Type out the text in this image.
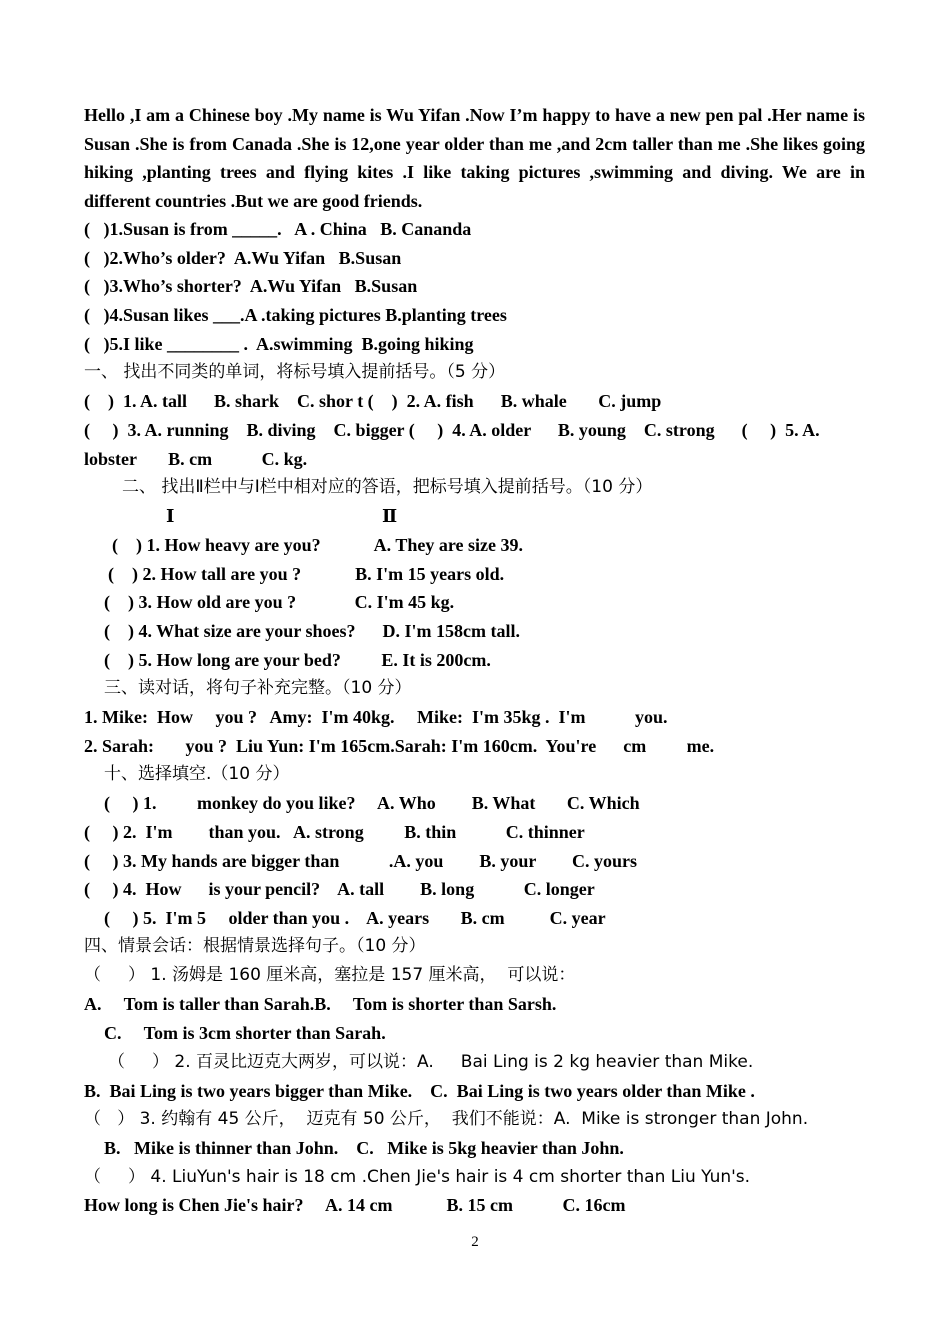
Hello ,I am a Chinese boy .My name is Wu Yifan .Now I’m happy to have a new pen pal .Her name is Susan .She is from Canada .She is 12,one year older than me ,and 2cm taller than me .She likes going hiking ,planting trees and flying kites .I like taking pictures ,swimming and diving. We are in different countries .But we are good friends.
(   )1.Susan is from _____.   A . China   B. Cananda
(   )2.Who’s older?  A.Wu Yifan   B.Susan
(   )3.Who’s shorter?  A.Wu Yifan   B.Susan
(   )4.Susan likes ___.A .taking pictures B.planting trees
(   )5.I like ________ .  A.swimming  B.going hiking
一、 找出不同类的单词，将标号填入提前括号。（5 分）
(    )  1. A. tall      B. shark    C. shor t (    )  2. A. fish      B. whale       C. jump
(     )  3. A. running    B. diving    C. bigger (     )  4. A. older      B. young    C. strong      (     )  5. A.
lobster       B. cm           C. kg.
二、 找出Ⅱ栏中与Ⅰ栏中相对应的答语，把标号填入提前括号。（10 分）
Ⅰ	Ⅱ
(    ) 1. How heavy are you?            A. They are size 39.
(    ) 2. How tall are you ?            B. I'm 15 years old.
(    ) 3. How old are you ?             C. I'm 45 kg.
(    ) 4. What size are your shoes?      D. I'm 158cm tall.
(    ) 5. How long are your bed?         E. It is 200cm.
三、读对话，将句子补充完整。（10 分）
1. Mike:  How     you ?   Amy:  I'm 40kg.     Mike:  I'm 35kg .  I'm           you.
2. Sarah:       you ?  Liu Yun: I'm 165cm.Sarah: I'm 160cm.  You're      cm         me.
十、选择填空.（10 分）
(     ) 1.         monkey do you like?     A. Who        B. What       C. Which
(     ) 2.  I'm        than you.   A. strong         B. thin           C. thinner
(     ) 3. My hands are bigger than           .A. you        B. your        C. yours
(     ) 4.  How      is your pencil?    A. tall        B. long           C. longer
(     ) 5.  I'm 5     older than you .    A. years       B. cm          C. year
四、情景会话：根据情景选择句子。（10 分）
（     ） 1. 汤姆是 160 厘米高，塞拉是 157 厘米高，  可以说：
A.     Tom is taller than Sarah.B.     Tom is shorter than Sarsh.
C.     Tom is 3cm shorter than Sarah.
（     ） 2. 百灵比迈克大两岁，可以说：A.     Bai Ling is 2 kg heavier than Mike.
B.  Bai Ling is two years bigger than Mike.    C.  Bai Ling is two years older than Mike .
（   ） 3. 约翰有 45 公斤，  迈克有 50 公斤，  我们不能说：A.  Mike is stronger than John.
B.   Mike is thinner than John.    C.   Mike is 5kg heavier than John.
（     ） 4. LiuYun's hair is 18 cm .Chen Jie's hair is 4 cm shorter than Liu Yun's.
How long is Chen Jie's hair?     A. 14 cm            B. 15 cm           C. 16cm
2
